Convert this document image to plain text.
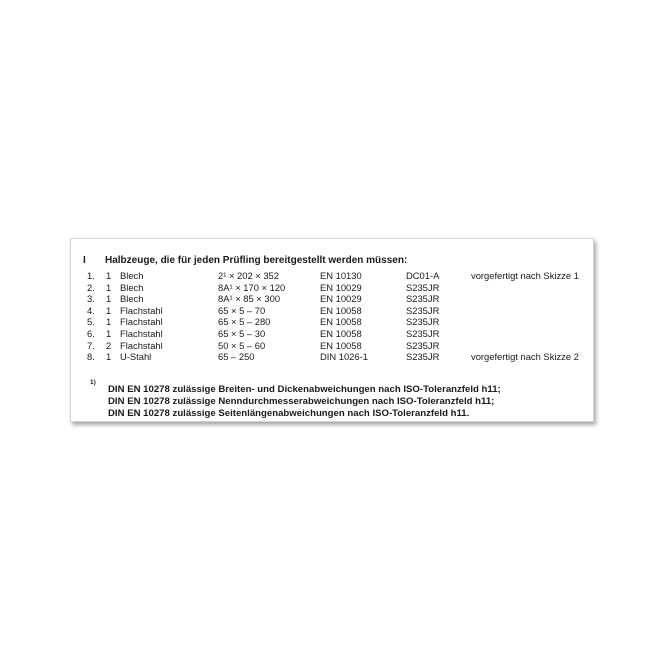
I Halbzeuge, die für jeden Prüfling bereitgestellt werden müssen:
1. 1 Blech	2¹ × 202 × 352	EN 10130	DC01-A	vorgefertigt nach Skizze 1
2. 1 Blech	8A¹ × 170 × 120	EN 10029	S235JR
3. 1 Blech	8A¹ × 85 × 300	EN 10029	S235JR
4. 1 Flachstahl	65 × 5 – 70	EN 10058	S235JR
5. 1 Flachstahl	65 × 5 – 280	EN 10058	S235JR
6. 1 Flachstahl	65 × 5 – 30	EN 10058	S235JR
7. 2 Flachstahl	50 × 5 – 60	EN 10058	S235JR
8. 1 U-Stahl	65 – 250	DIN 1026-1	S235JR	vorgefertigt nach Skizze 2
1)
DIN EN 10278 zulässige Breiten- und Dickenabweichungen nach ISO-Toleranzfeld h11;
DIN EN 10278 zulässige Nenndurchmesserabweichungen nach ISO-Toleranzfeld h11;
DIN EN 10278 zulässige Seitenlängenabweichungen nach ISO-Toleranzfeld h11.
